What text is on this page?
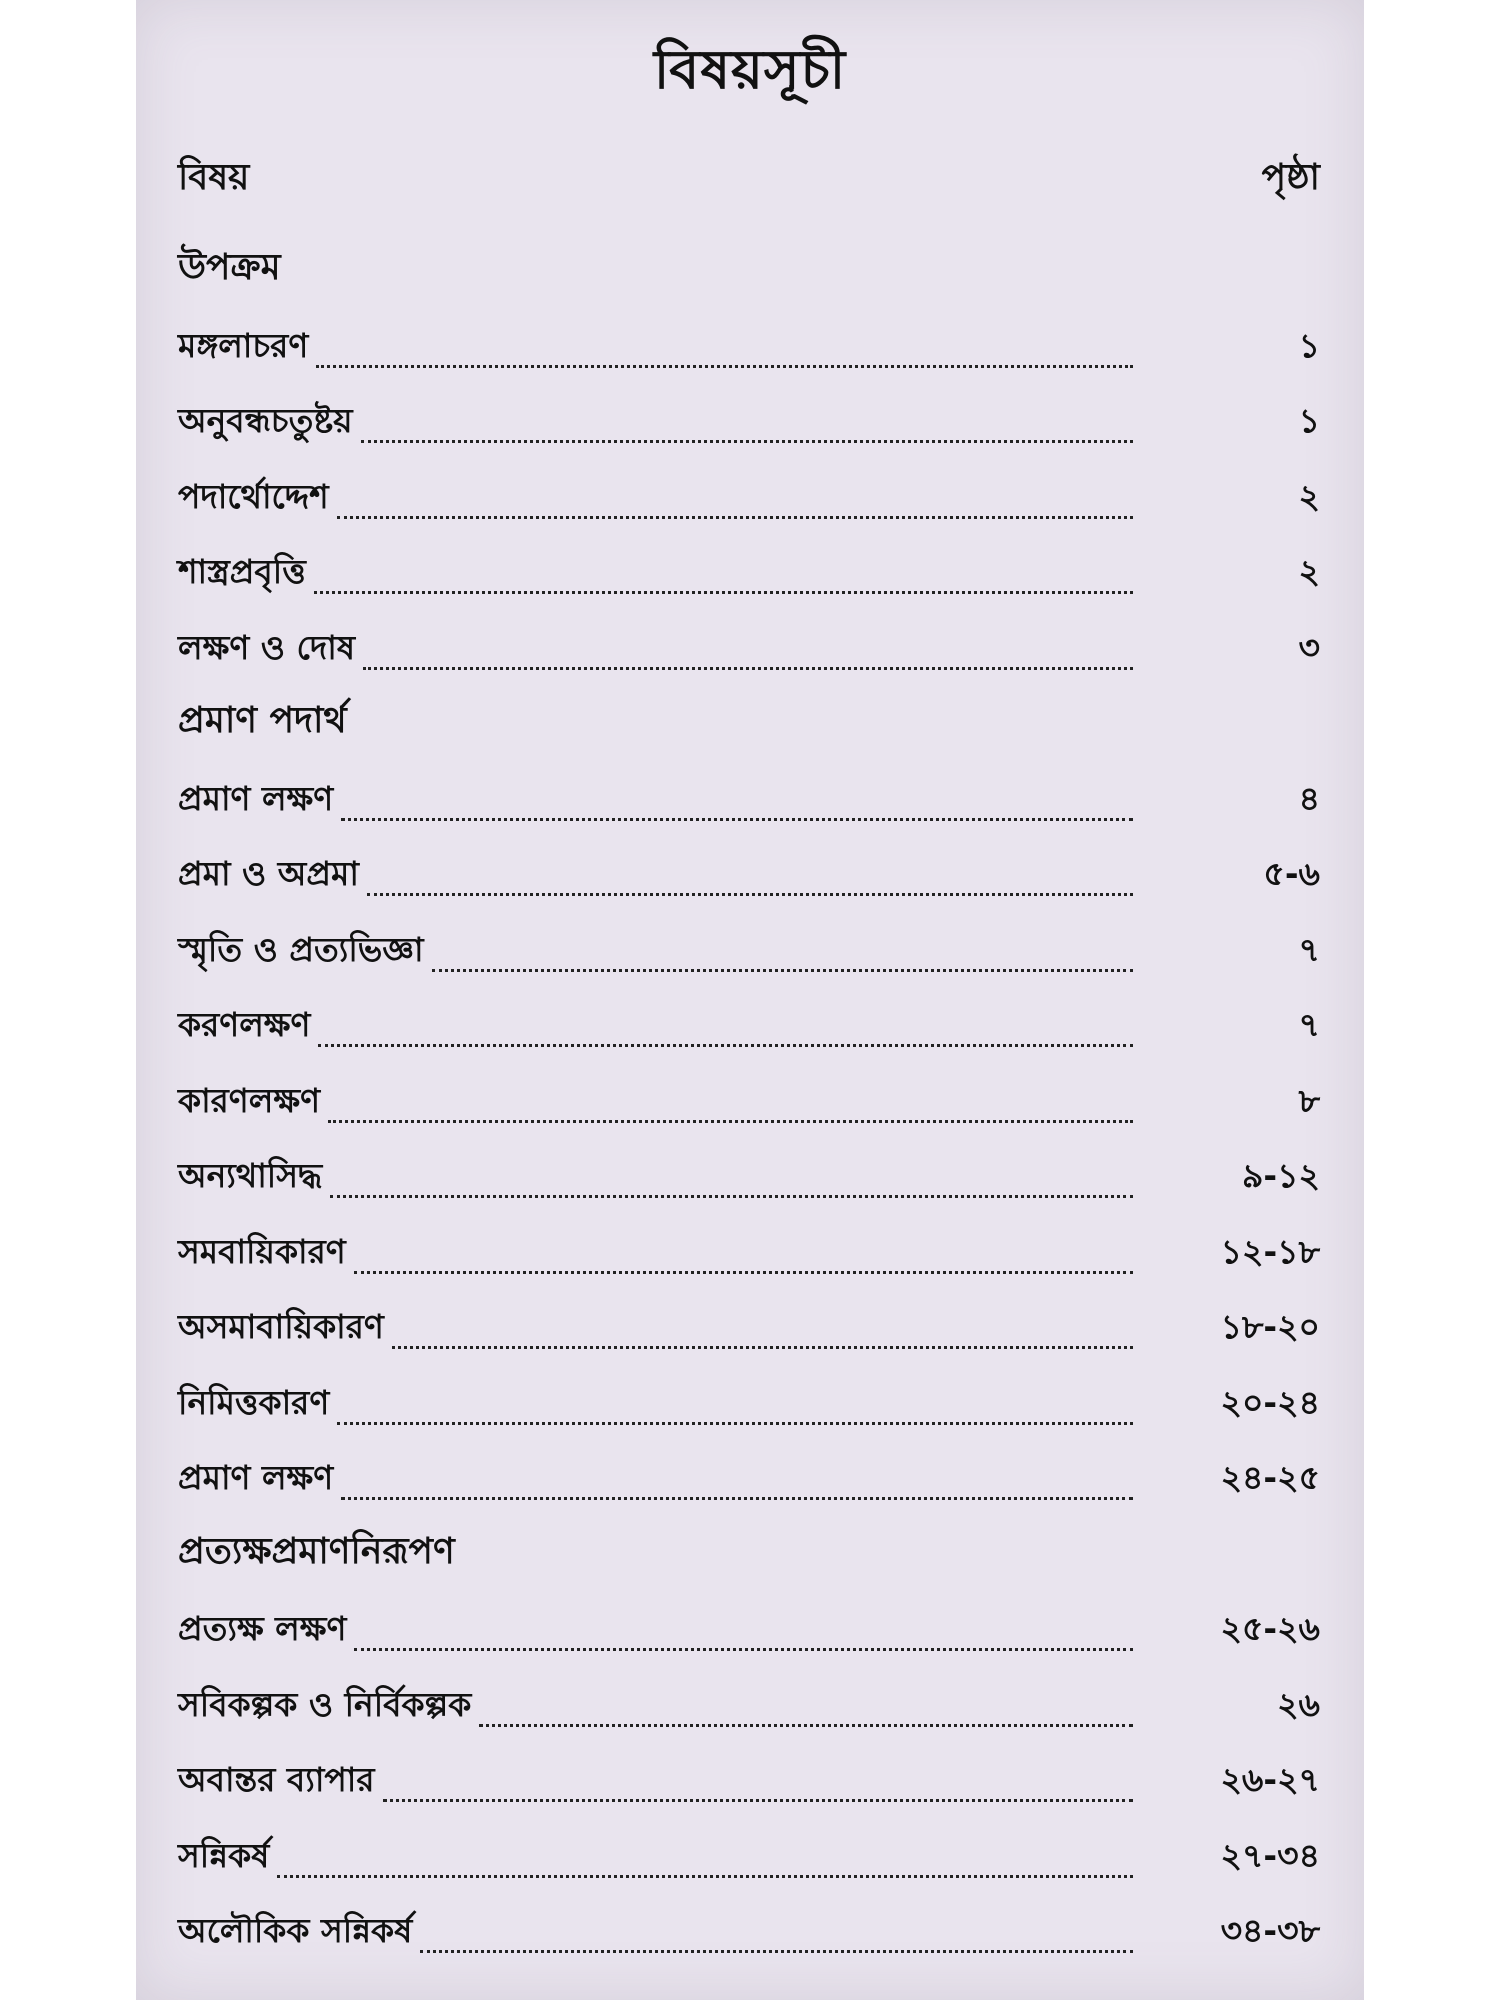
বিষয়সূচী
বিষয়	পৃষ্ঠা
উপক্রম
মঙ্গলাচরণ	১
অনুবন্ধচতুষ্টয়	১
পদার্থোদ্দেশ	২
শাস্ত্রপ্রবৃত্তি	২
লক্ষণ ও দোষ	৩
প্রমাণ পদার্থ
প্রমাণ লক্ষণ	৪
প্রমা ও অপ্রমা	৫-৬
স্মৃতি ও প্রত্যভিজ্ঞা	৭
করণলক্ষণ	৭
কারণলক্ষণ	৮
অন্যথাসিদ্ধ	৯-১২
সমবায়িকারণ	১২-১৮
অসমাবায়িকারণ	১৮-২০
নিমিত্তকারণ	২০-২৪
প্রমাণ লক্ষণ	২৪-২৫
প্রত্যক্ষপ্রমাণনিরূপণ
প্রত্যক্ষ লক্ষণ	২৫-২৬
সবিকল্পক ও নির্বিকল্পক	২৬
অবান্তর ব্যাপার	২৬-২৭
সন্নিকর্ষ	২৭-৩৪
অলৌকিক সন্নিকর্ষ	৩৪-৩৮
